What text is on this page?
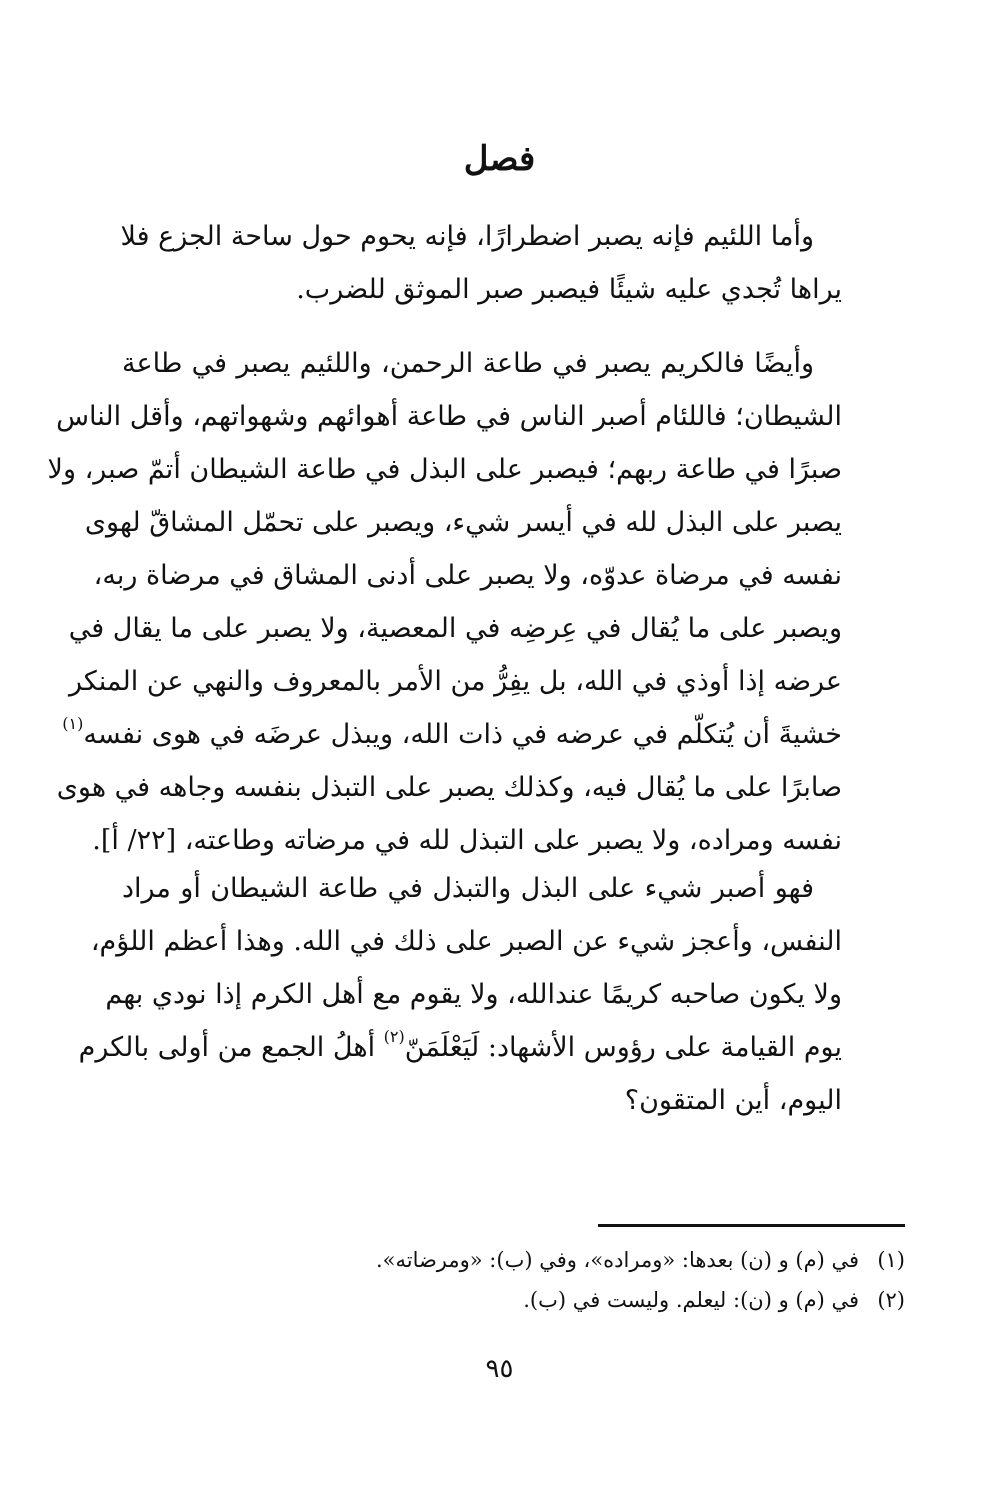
فصل
وأما اللئيم فإنه يصبر اضطرارًا، فإنه يحوم حول ساحة الجزع فلا
يراها تُجدي عليه شيئًا فيصبر صبر الموثق للضرب.
وأيضًا فالكريم يصبر في طاعة الرحمن، واللئيم يصبر في طاعة
الشيطان؛ فاللئام أصبر الناس في طاعة أهوائهم وشهواتهم، وأقل الناس
صبرًا في طاعة ربهم؛ فيصبر على البذل في طاعة الشيطان أتمّ صبر، ولا
يصبر على البذل لله في أيسر شيء، ويصبر على تحمّل المشاقّ لهوى
نفسه في مرضاة عدوّه، ولا يصبر على أدنى المشاق في مرضاة ربه،
ويصبر على ما يُقال في عِرضِه في المعصية، ولا يصبر على ما يقال في
عرضه إذا أوذي في الله، بل يفِرُّ من الأمر بالمعروف والنهي عن المنكر
خشيةَ أن يُتكلّم في عرضه في ذات الله، ويبذل عرضَه في هوى نفسه$^{(١)}$
صابرًا على ما يُقال فيه، وكذلك يصبر على التبذل بنفسه وجاهه في هوى
نفسه ومراده، ولا يصبر على التبذل لله في مرضاته وطاعته، [٢٢/ أ].
فهو أصبر شيء على البذل والتبذل في طاعة الشيطان أو مراد
النفس، وأعجز شيء عن الصبر على ذلك في الله. وهذا أعظم اللؤم،
ولا يكون صاحبه كريمًا عندالله، ولا يقوم مع أهل الكرم إذا نودي بهم
يوم القيامة على رؤوس الأشهاد: لَيَعْلَمَنّ$^{(٢)}$ أهلُ الجمع من أولى بالكرم
اليوم، أين المتقون؟
(١)في (م) و (ن) بعدها: «ومراده»، وفي (ب): «ومرضاته».
(٢)في (م) و (ن): ليعلم. وليست في (ب).
٩٥
